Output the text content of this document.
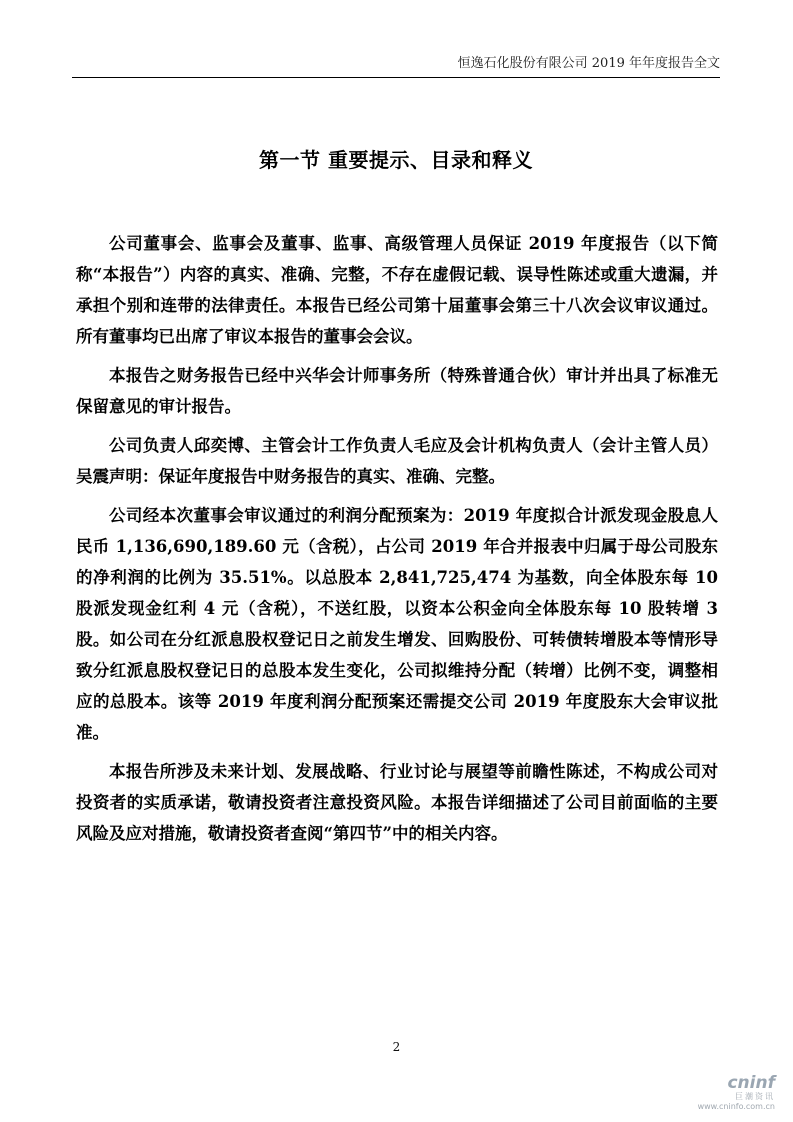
恒逸石化股份有限公司 2019 年年度报告全文
第一节 重要提示、目录和释义

公司董事会、监事会及董事、监事、高级管理人员保证 2019 年度报告（以下简称“本报告”）内容的真实、准确、完整，不存在虚假记载、误导性陈述或重大遗漏，并承担个别和连带的法律责任。本报告已经公司第十届董事会第三十八次会议审议通过。所有董事均已出席了审议本报告的董事会会议。

本报告之财务报告已经中兴华会计师事务所（特殊普通合伙）审计并出具了标准无保留意见的审计报告。

公司负责人邱奕博、主管会计工作负责人毛应及会计机构负责人（会计主管人员）吴震声明：保证年度报告中财务报告的真实、准确、完整。

公司经本次董事会审议通过的利润分配预案为：2019 年度拟合计派发现金股息人民币 1,136,690,189.60 元（含税），占公司 2019 年合并报表中归属于母公司股东的净利润的比例为 35.51%。以总股本 2,841,725,474 为基数，向全体股东每 10 股派发现金红利 4 元（含税），不送红股，以资本公积金向全体股东每 10 股转增 3 股。如公司在分红派息股权登记日之前发生增发、回购股份、可转债转增股本等情形导致分红派息股权登记日的总股本发生变化，公司拟维持分配（转增）比例不变，调整相应的总股本。该等 2019 年度利润分配预案还需提交公司 2019 年度股东大会审议批准。

本报告所涉及未来计划、发展战略、行业讨论与展望等前瞻性陈述，不构成公司对投资者的实质承诺，敬请投资者注意投资风险。本报告详细描述了公司目前面临的主要风险及应对措施，敬请投资者查阅“第四节”中的相关内容。

2
cninf
巨潮资讯
www.cninfo.com.cn
